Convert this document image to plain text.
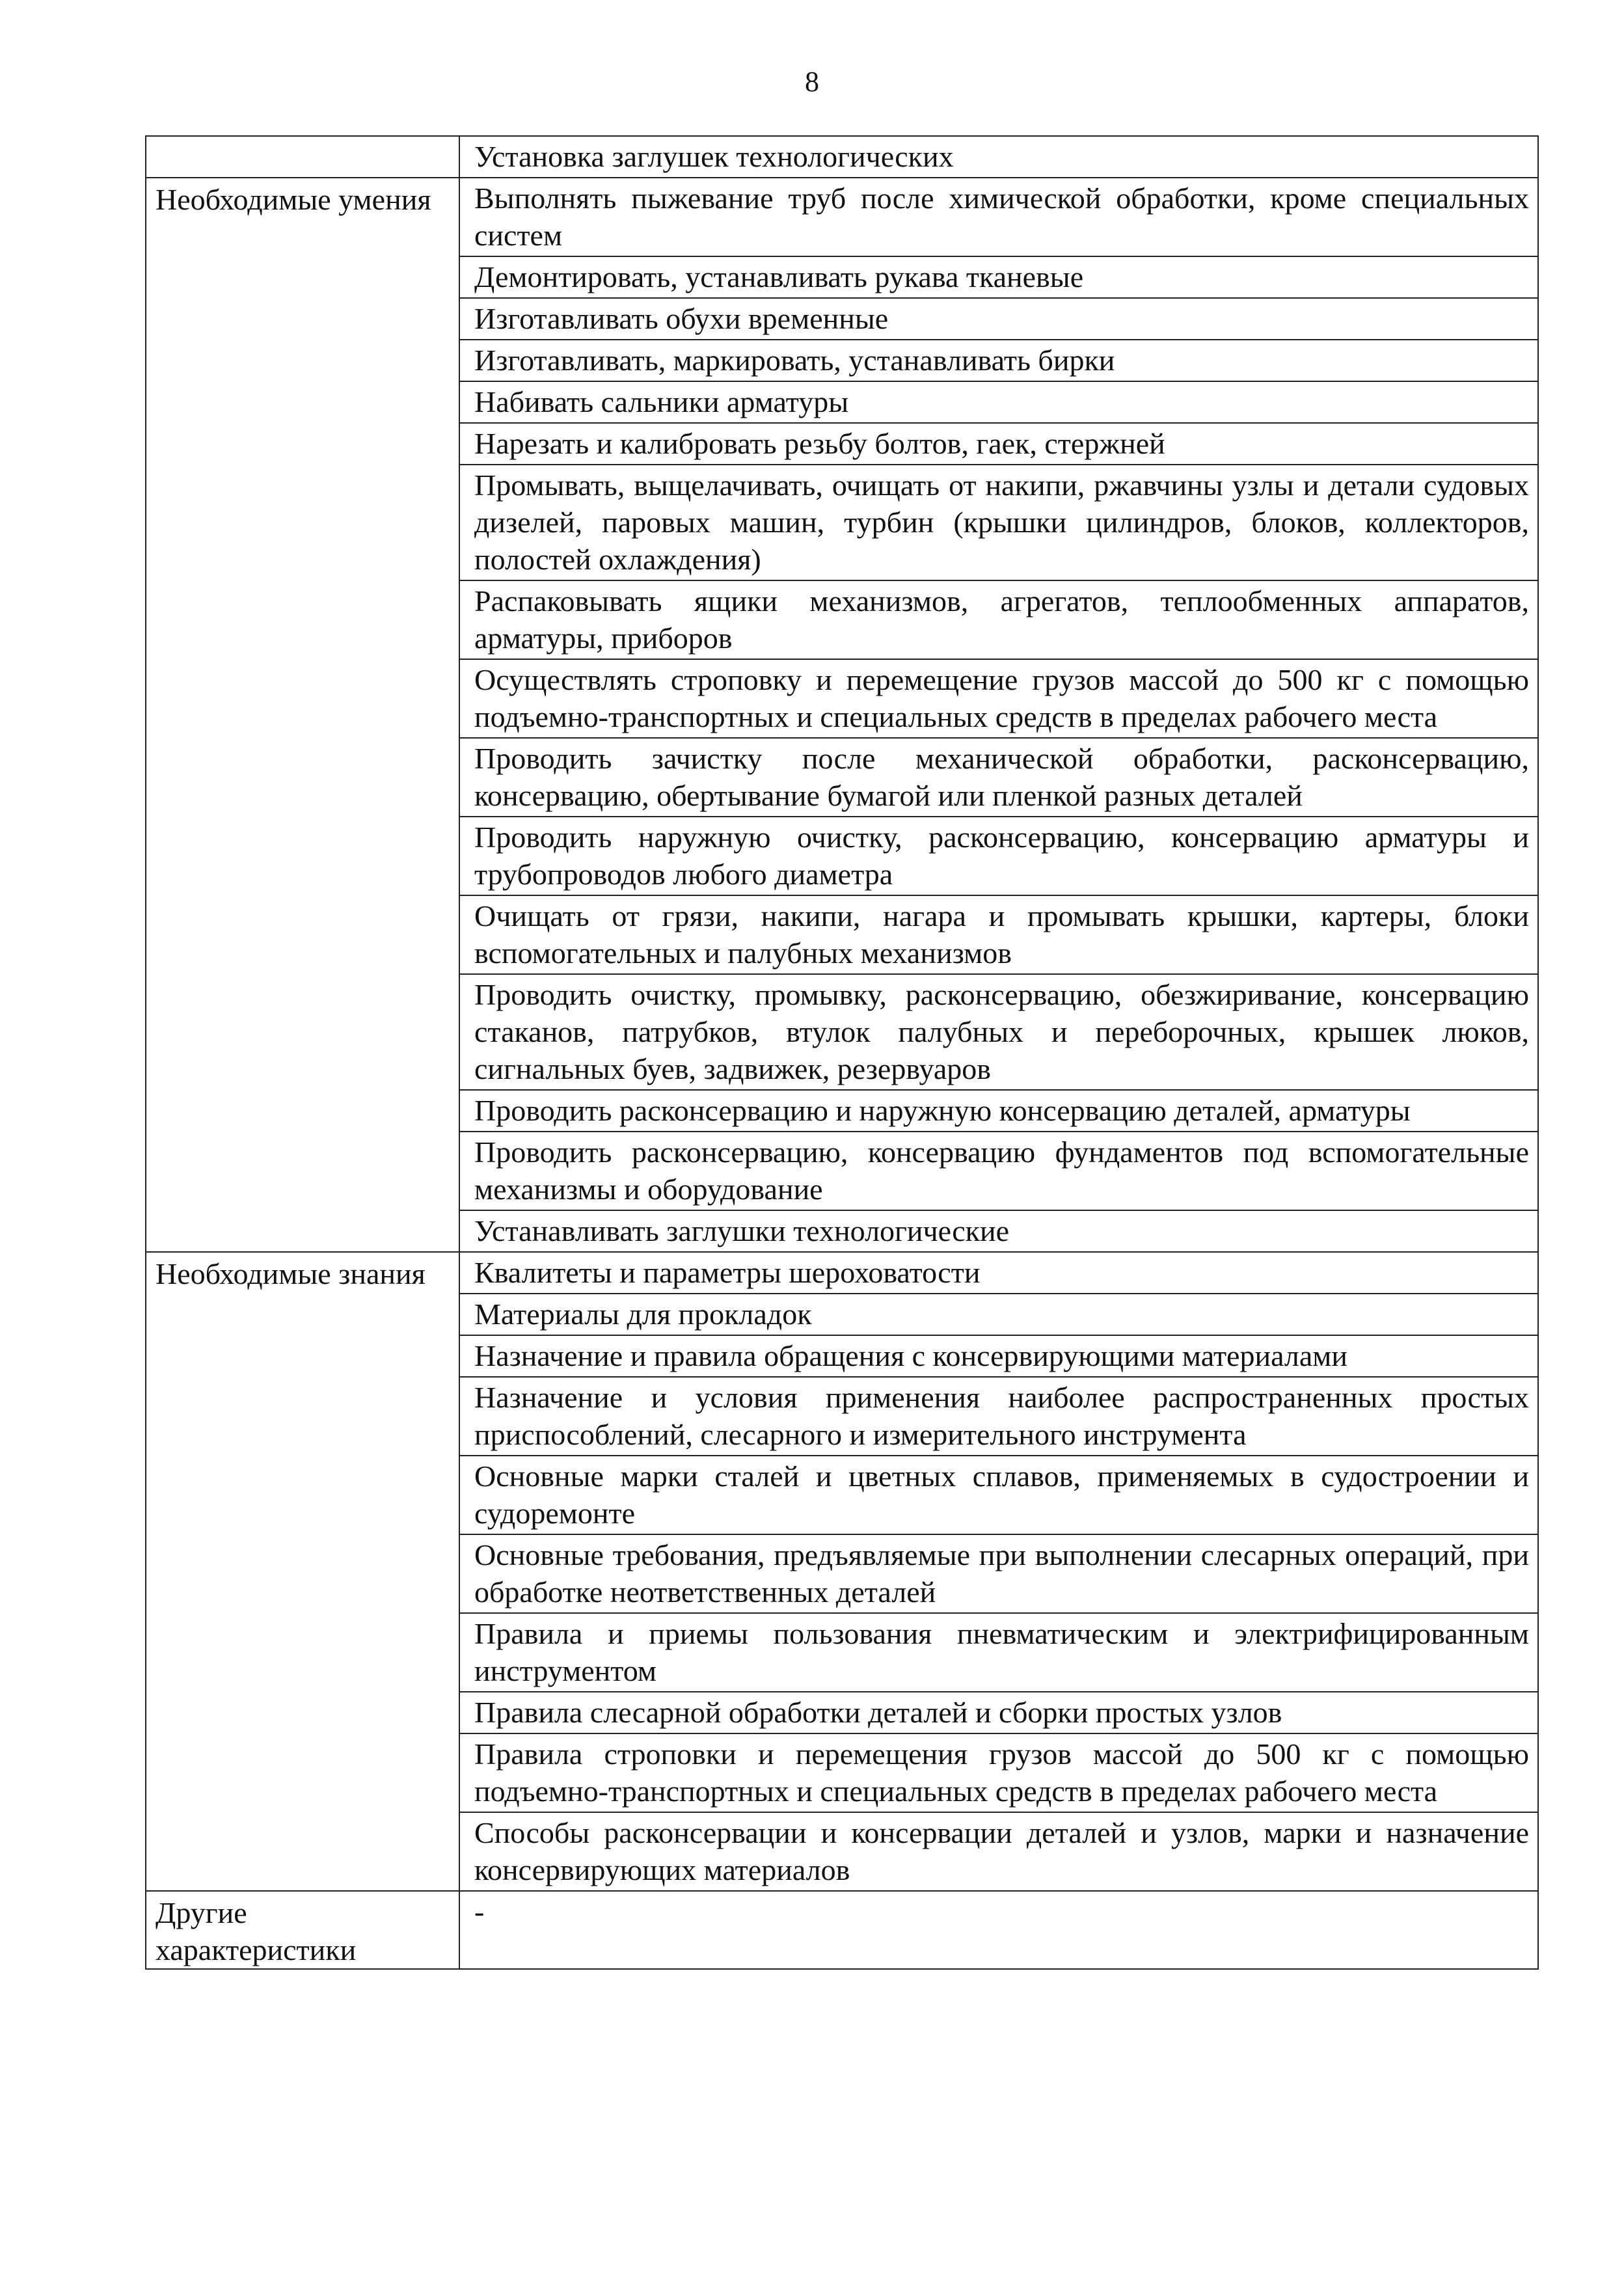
8
	Установка заглушек технологических
Необходимые умения	Выполнять пыжевание труб после химической обработки, кроме специальных систем
	Демонтировать, устанавливать рукава тканевые
	Изготавливать обухи временные
	Изготавливать, маркировать, устанавливать бирки
	Набивать сальники арматуры
	Нарезать и калибровать резьбу болтов, гаек, стержней
	Промывать, выщелачивать, очищать от накипи, ржавчины узлы и детали судовых дизелей, паровых машин, турбин (крышки цилиндров, блоков, коллекторов, полостей охлаждения)
	Распаковывать ящики механизмов, агрегатов, теплообменных аппаратов, арматуры, приборов
	Осуществлять строповку и перемещение грузов массой до 500 кг с помощью подъемно-транспортных и специальных средств в пределах рабочего места
	Проводить зачистку после механической обработки, расконсервацию, консервацию, обертывание бумагой или пленкой разных деталей
	Проводить наружную очистку, расконсервацию, консервацию арматуры и трубопроводов любого диаметра
	Очищать от грязи, накипи, нагара и промывать крышки, картеры, блоки вспомогательных и палубных механизмов
	Проводить очистку, промывку, расконсервацию, обезжиривание, консервацию стаканов, патрубков, втулок палубных и переборочных, крышек люков, сигнальных буев, задвижек, резервуаров
	Проводить расконсервацию и наружную консервацию деталей, арматуры
	Проводить расконсервацию, консервацию фундаментов под вспомогательные механизмы и оборудование
	Устанавливать заглушки технологические
Необходимые знания	Квалитеты и параметры шероховатости
	Материалы для прокладок
	Назначение и правила обращения с консервирующими материалами
	Назначение и условия применения наиболее распространенных простых приспособлений, слесарного и измерительного инструмента
	Основные марки сталей и цветных сплавов, применяемых в судостроении и судоремонте
	Основные требования, предъявляемые при выполнении слесарных операций, при обработке неответственных деталей
	Правила и приемы пользования пневматическим и электрифицированным инструментом
	Правила слесарной обработки деталей и сборки простых узлов
	Правила строповки и перемещения грузов массой до 500 кг с помощью подъемно-транспортных и специальных средств в пределах рабочего места
	Способы расконсервации и консервации деталей и узлов, марки и назначение консервирующих материалов
Другие характеристики	-
